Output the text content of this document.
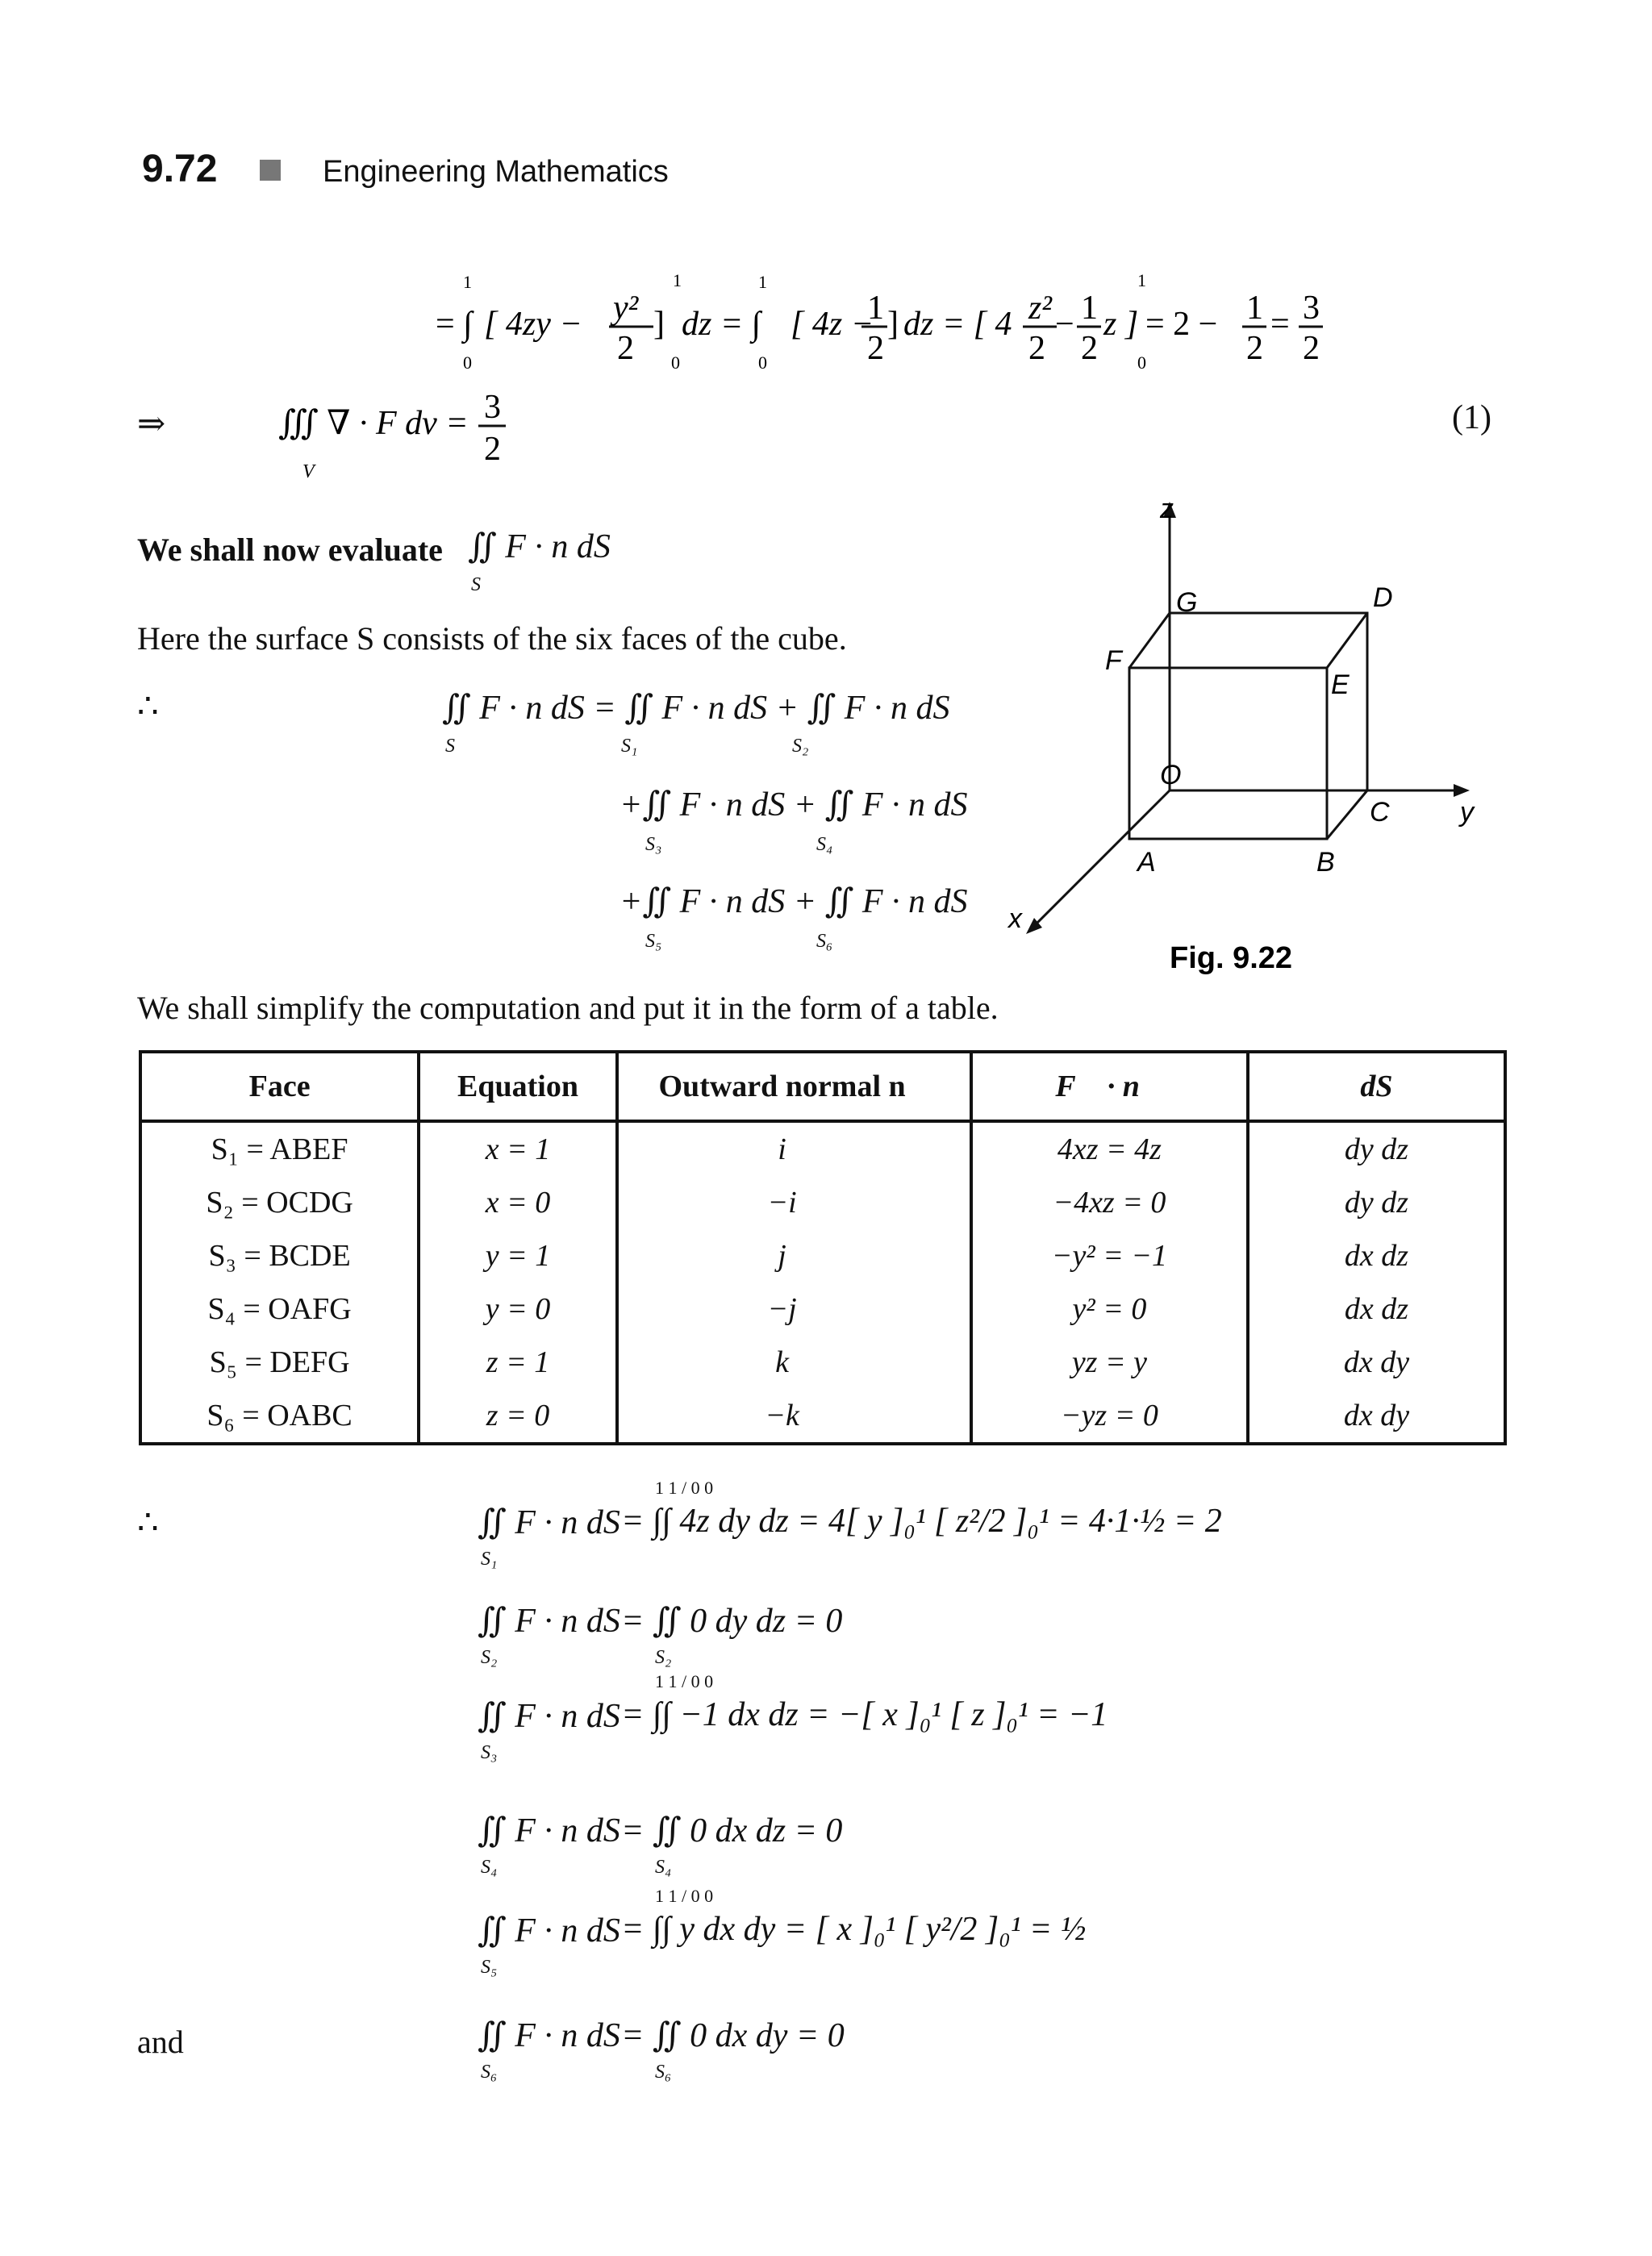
9.72	Engineering Mathematics
= ∫
1
0
[ 4zy − y²
2
]
0
1
dz = ∫
1
0
[ 4z −
1
2
] dz = [ 4 z²
2
− 1
2
z ]
1
0
= 2 − 1
2
= 3
2
⇒	∭ ∇ · F dv =
V
3
2
(1)
We shall now evaluate ∬ F · n dS
S
Here the surface S consists of the six faces of the cube.
∴	∬ F · n dS = ∬ F · n dS + ∬ F · n dS
S	S₁	S₂
+∬ F · n dS + ∬ F · n dS
S₃	S₄
+∬ F · n dS + ∬ F · n dS
S₅	S₆
G
z
D
F
E
O
C	y
A	B
x
Fig. 9.22
We shall simplify the computation and put it in the form of a table.
Face	Equation	Outward normal n⃗	F⃗ · n⃗	dS
S₁ = ABEF	x = 1	i⃗	4xz = 4z	dy dz
S₂ = OCDG	x = 0	−i⃗	−4xz = 0	dy dz
S₃ = BCDE	y = 1	j⃗	−y² = −1	dx dz
S₄ = OAFG	y = 0	−j⃗	y² = 0	dx dz
S₅ = DEFG	z = 1	k⃗	yz = y	dx dy
S₆ = OABC	z = 0	−k⃗	−yz = 0	dx dy
∴	∬ F · n dS
S₁
= ∫∫ 4z dy dz = 4[ y ]₀¹ [ z²/2 ]₀¹ = 4·1·½ = 2
1 1 / 0 0
∬ F · n dS
S₂
= ∬ 0 dy dz = 0
S₂
∬ F · n dS
S₃
= ∫∫ −1 dx dz = −[ x ]₀¹ [ z ]₀¹ = −1
1 1 / 0 0
∬ F · n dS
S₄
= ∬ 0 dx dz = 0
S₄
∬ F · n dS
S₅
= ∫∫ y dx dy = [ x ]₀¹ [ y²/2 ]₀¹ = ½
1 1 / 0 0
∬ F · n dS
S₆
= ∬ 0 dx dy = 0
S₆
and
